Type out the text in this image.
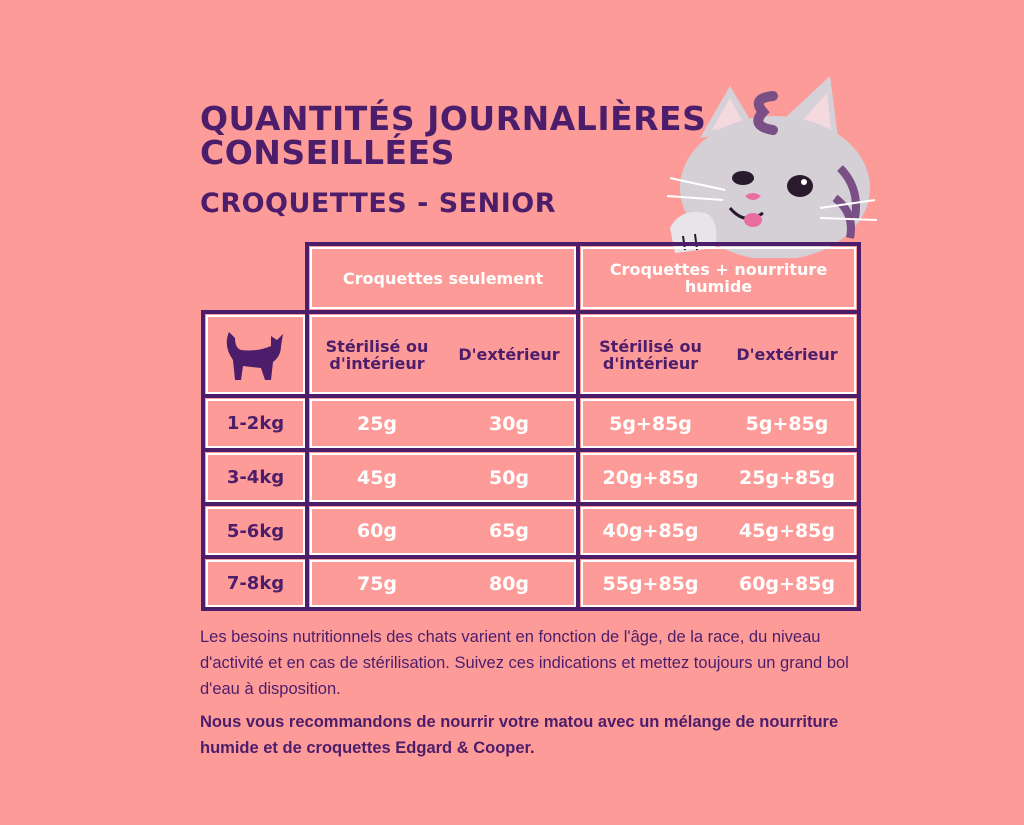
QUANTITÉS JOURNALIÈRES
CONSEILLÉES
CROQUETTES - SENIOR
Croquettes seulement	Croquettes + nourriture humide
Stérilisé ou d'intérieur	D'extérieur	Stérilisé ou d'intérieur	D'extérieur
1-2kg	25g	30g	5g+85g	5g+85g
3-4kg	45g	50g	20g+85g	25g+85g
5-6kg	60g	65g	40g+85g	45g+85g
7-8kg	75g	80g	55g+85g	60g+85g

Les besoins nutritionnels des chats varient en fonction de l'âge, de la race, du niveau d'activité et en cas de stérilisation. Suivez ces indications et mettez toujours un grand bol d'eau à disposition.

Nous vous recommandons de nourrir votre matou avec un mélange de nourriture humide et de croquettes Edgard & Cooper.
